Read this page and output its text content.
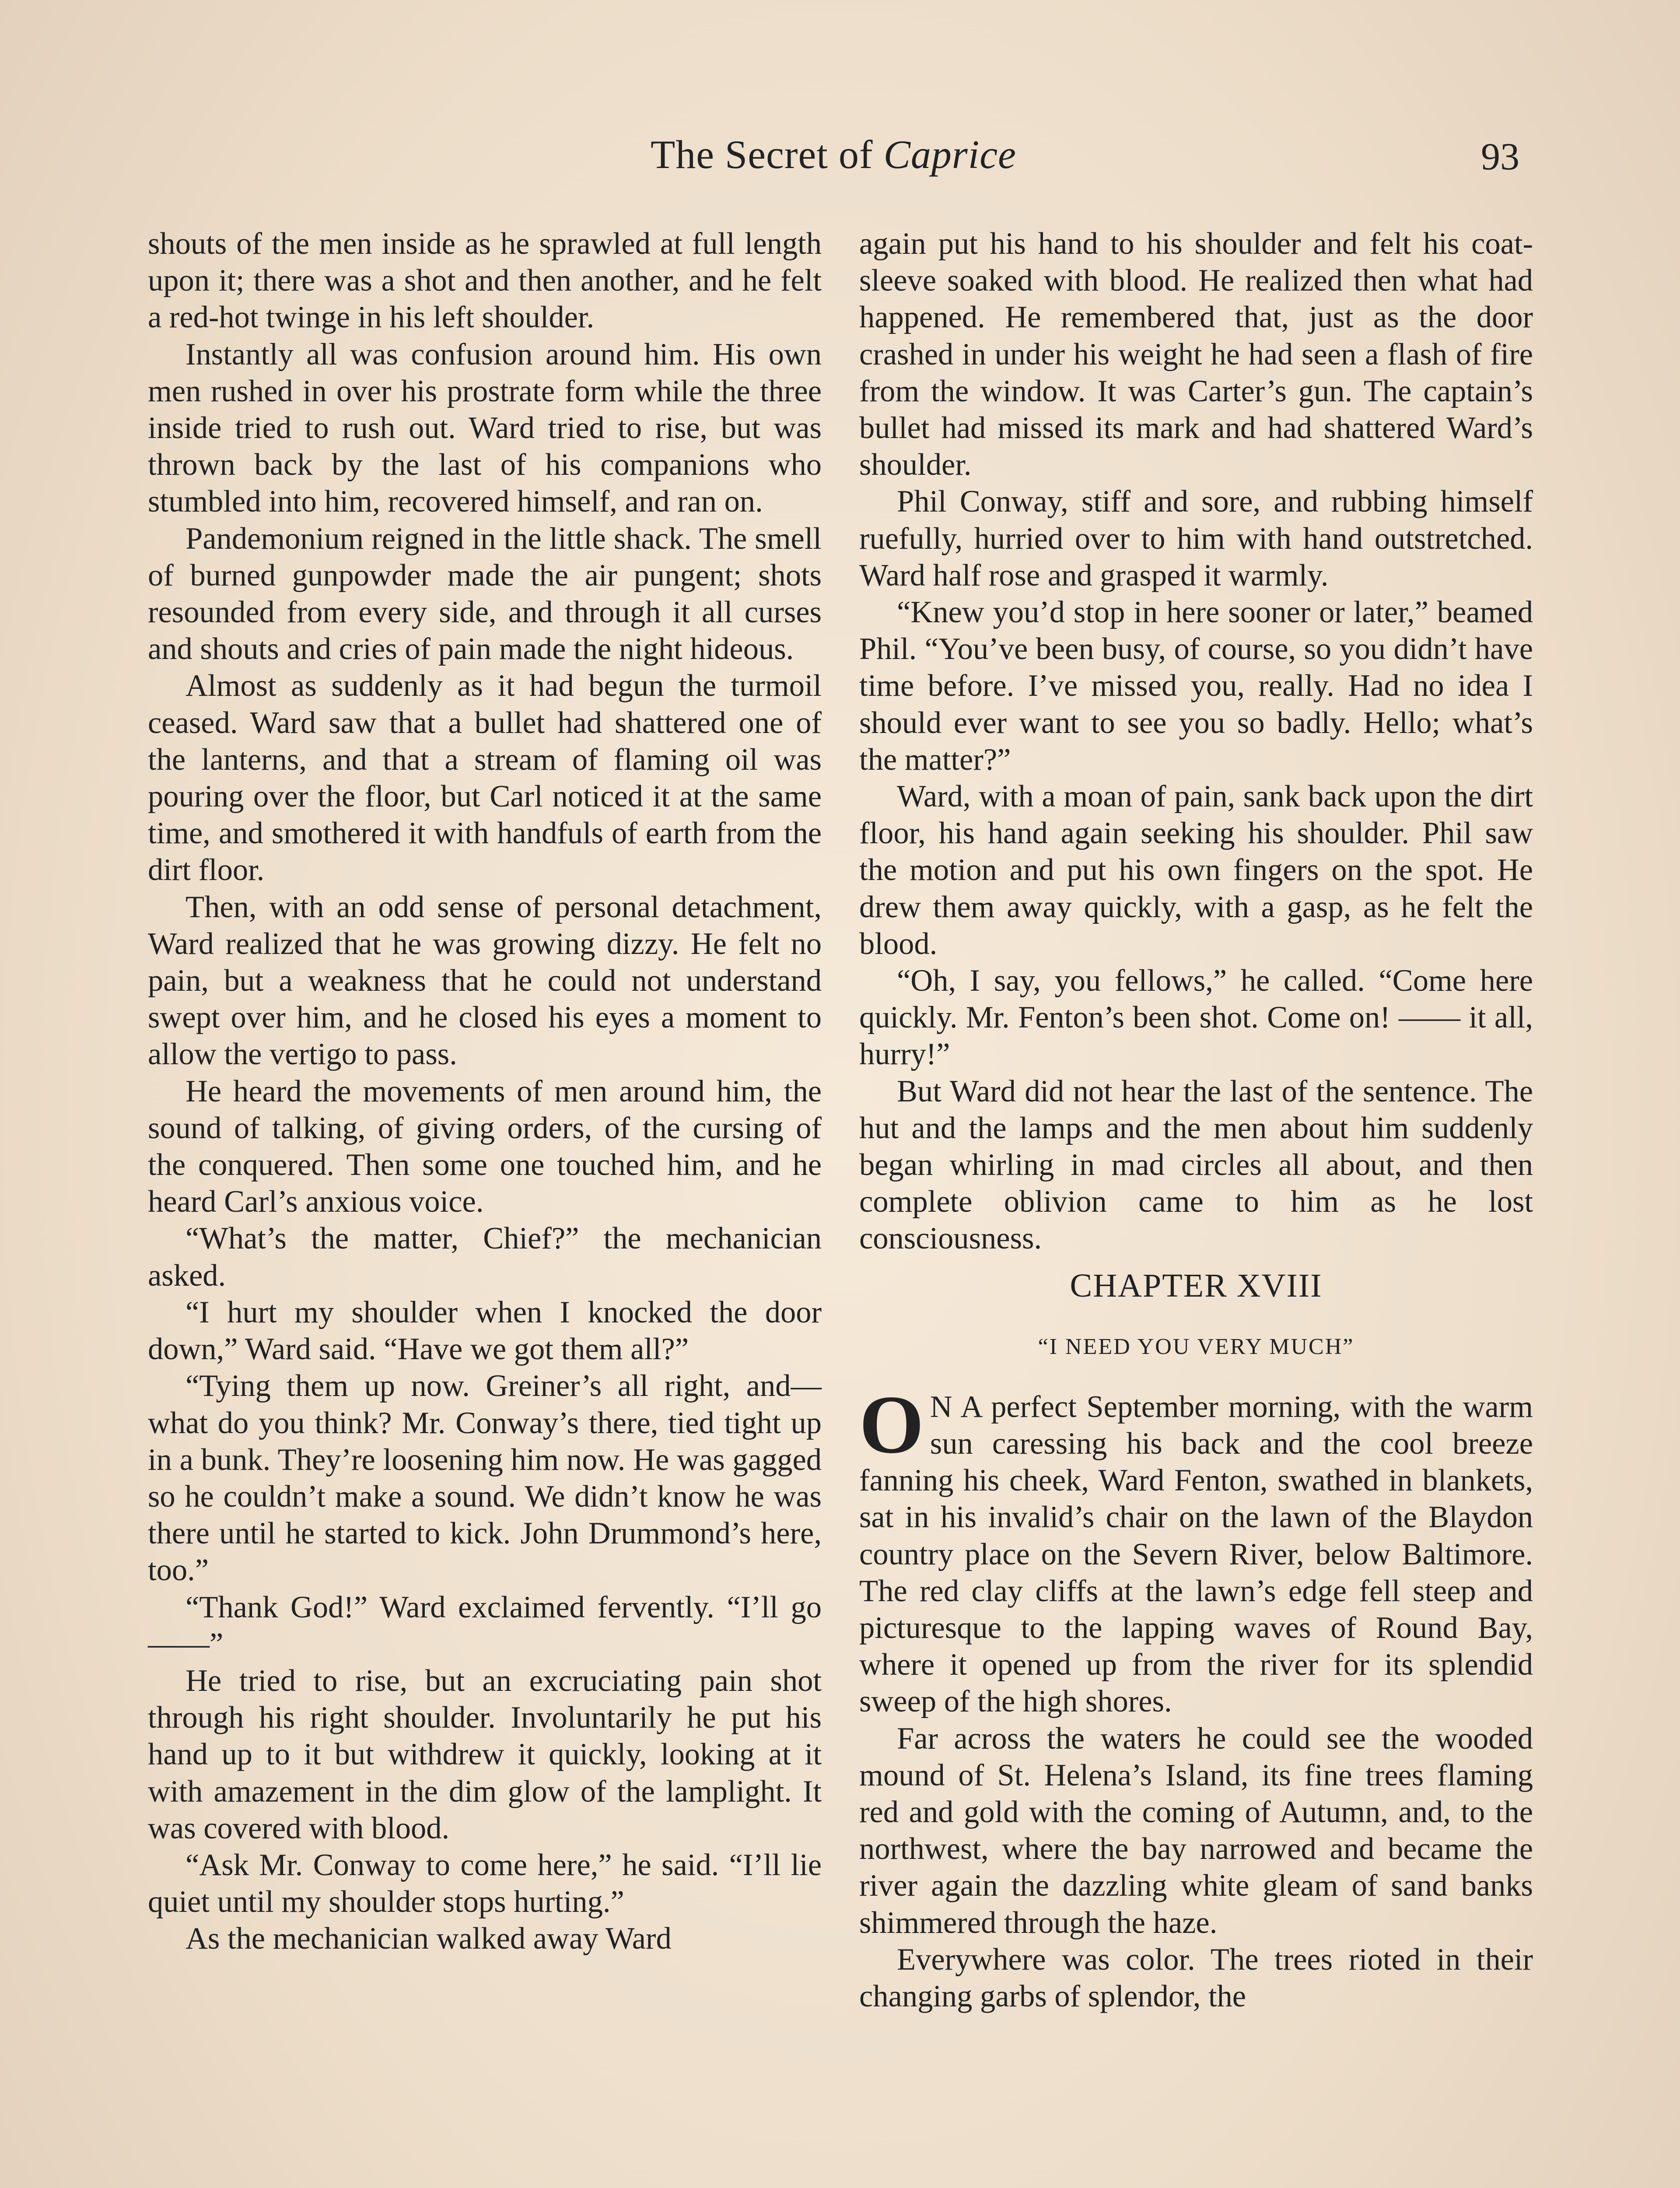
The Secret of Caprice	93

shouts of the men inside as he sprawled at full length upon it; there was a shot and then another, and he felt a red-hot twinge in his left shoulder.

Instantly all was confusion around him. His own men rushed in over his prostrate form while the three inside tried to rush out. Ward tried to rise, but was thrown back by the last of his companions who stumbled into him, recovered himself, and ran on.

Pandemonium reigned in the little shack. The smell of burned gunpowder made the air pungent; shots resounded from every side, and through it all curses and shouts and cries of pain made the night hideous.

Almost as suddenly as it had begun the turmoil ceased. Ward saw that a bullet had shattered one of the lanterns, and that a stream of flaming oil was pouring over the floor, but Carl noticed it at the same time, and smothered it with handfuls of earth from the dirt floor.

Then, with an odd sense of personal detachment, Ward realized that he was growing dizzy. He felt no pain, but a weakness that he could not understand swept over him, and he closed his eyes a moment to allow the vertigo to pass.

He heard the movements of men around him, the sound of talking, of giving orders, of the cursing of the conquered. Then some one touched him, and he heard Carl’s anxious voice.

“What’s the matter, Chief?” the mechanician asked.

“I hurt my shoulder when I knocked the door down,” Ward said. “Have we got them all?”

“Tying them up now. Greiner’s all right, and—what do you think? Mr. Conway’s there, tied tight up in a bunk. They’re loosening him now. He was gagged so he couldn’t make a sound. We didn’t know he was there until he started to kick. John Drummond’s here, too.”

“Thank God!” Ward exclaimed fervently. “I’ll go——”

He tried to rise, but an excruciating pain shot through his right shoulder. Involuntarily he put his hand up to it but withdrew it quickly, looking at it with amazement in the dim glow of the lamplight. It was covered with blood.

“Ask Mr. Conway to come here,” he said. “I’ll lie quiet until my shoulder stops hurting.”

As the mechanician walked away Ward

again put his hand to his shoulder and felt his coat-sleeve soaked with blood. He realized then what had happened. He remembered that, just as the door crashed in under his weight he had seen a flash of fire from the window. It was Carter’s gun. The captain’s bullet had missed its mark and had shattered Ward’s shoulder.

Phil Conway, stiff and sore, and rubbing himself ruefully, hurried over to him with hand outstretched. Ward half rose and grasped it warmly.

“Knew you’d stop in here sooner or later,” beamed Phil. “You’ve been busy, of course, so you didn’t have time before. I’ve missed you, really. Had no idea I should ever want to see you so badly. Hello; what’s the matter?”

Ward, with a moan of pain, sank back upon the dirt floor, his hand again seeking his shoulder. Phil saw the motion and put his own fingers on the spot. He drew them away quickly, with a gasp, as he felt the blood.

“Oh, I say, you fellows,” he called. “Come here quickly. Mr. Fenton’s been shot. Come on! —— it all, hurry!”

But Ward did not hear the last of the sentence. The hut and the lamps and the men about him suddenly began whirling in mad circles all about, and then complete oblivion came to him as he lost consciousness.

CHAPTER XVIII
“I NEED YOU VERY MUCH”

O N A perfect September morning, with the warm sun caressing his back and the cool breeze fanning his cheek, Ward Fenton, swathed in blankets, sat in his invalid’s chair on the lawn of the Blaydon country place on the Severn River, below Baltimore. The red clay cliffs at the lawn’s edge fell steep and picturesque to the lapping waves of Round Bay, where it opened up from the river for its splendid sweep of the high shores.

Far across the waters he could see the wooded mound of St. Helena’s Island, its fine trees flaming red and gold with the coming of Autumn, and, to the northwest, where the bay narrowed and became the river again the dazzling white gleam of sand banks shimmered through the haze.

Everywhere was color. The trees rioted in their changing garbs of splendor, the
